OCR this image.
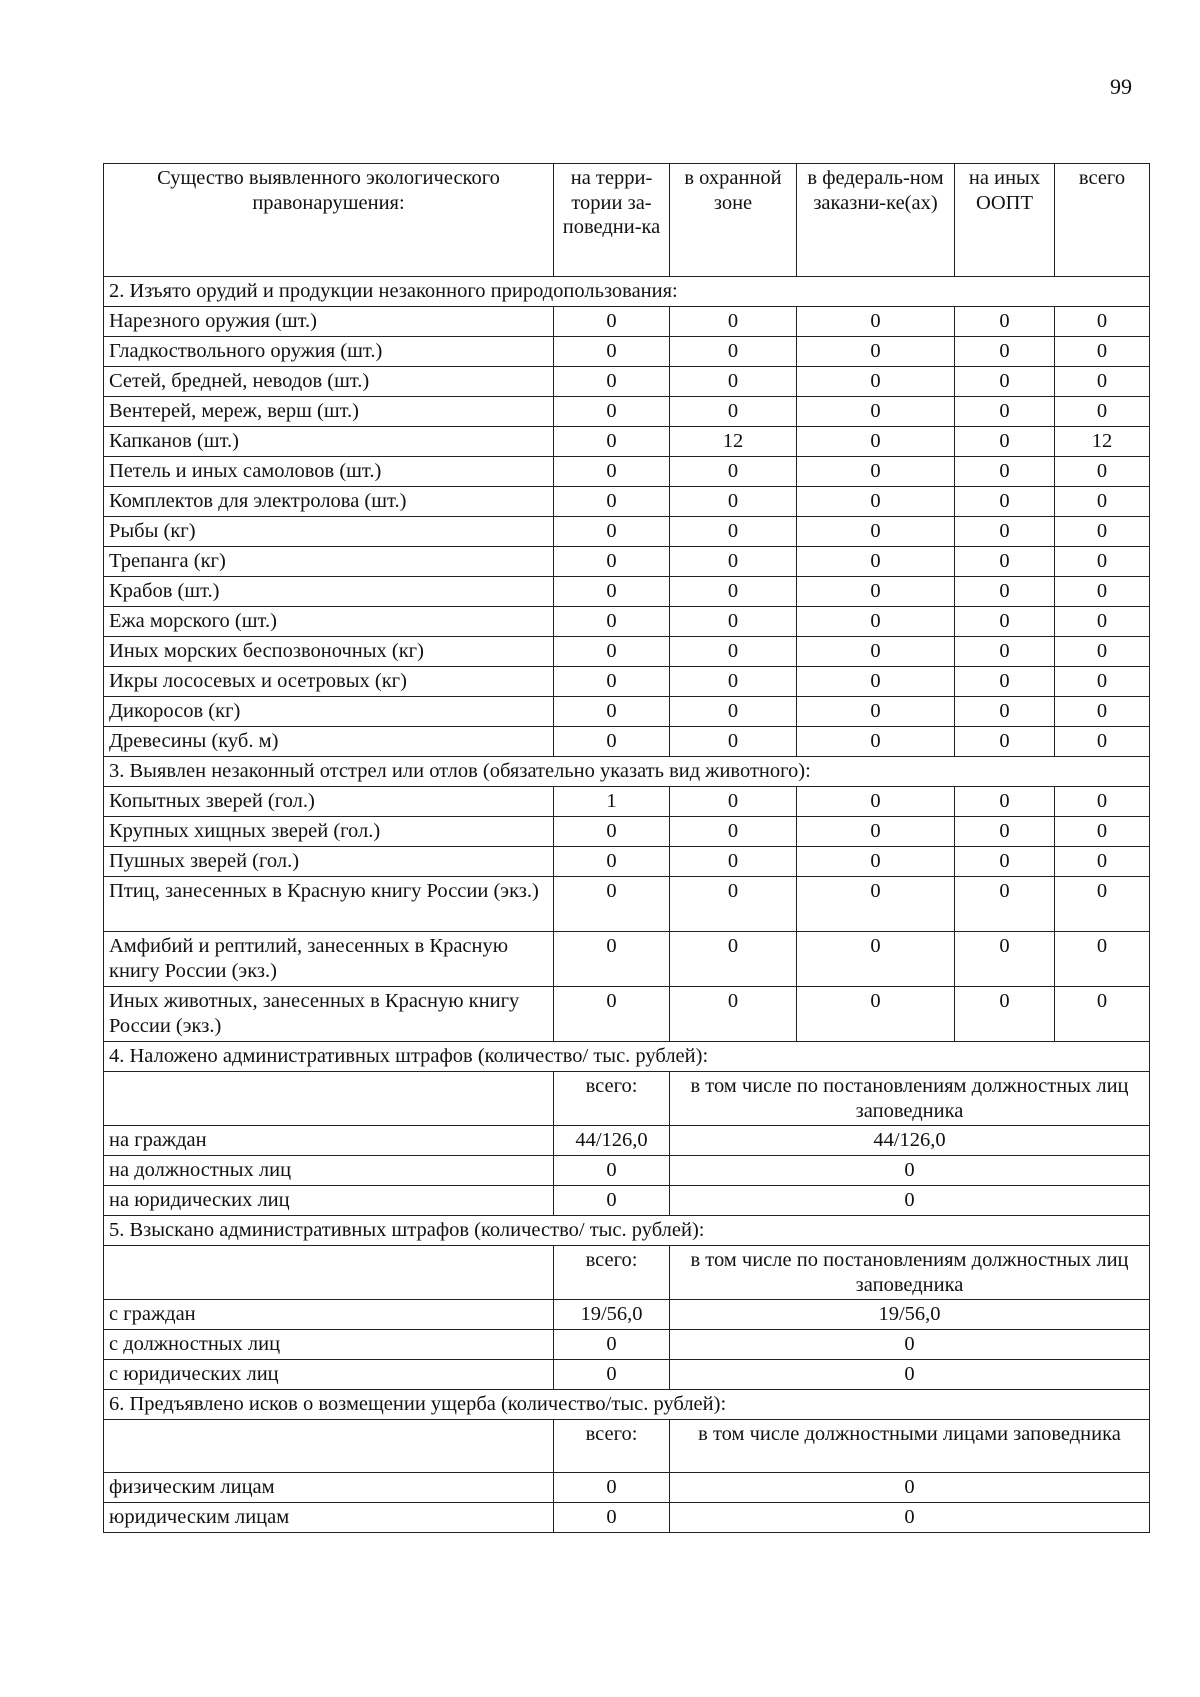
99
Существо выявленного экологического правонарушения:	на терри-тории за-поведни-ка	в охранной зоне	в федераль-ном заказни-ке(ах)	на иных ООПТ	всего
2. Изъято орудий и продукции незаконного природопользования:					
Нарезного оружия (шт.)	0	0	0	0	0
Гладкоствольного оружия (шт.)	0	0	0	0	0
Сетей, бредней, неводов (шт.)	0	0	0	0	0
Вентерей, мереж, верш (шт.)	0	0	0	0	0
Капканов (шт.)	0	12	0	0	12
Петель и иных самоловов (шт.)	0	0	0	0	0
Комплектов для электролова (шт.)	0	0	0	0	0
Рыбы (кг)	0	0	0	0	0
Трепанга (кг)	0	0	0	0	0
Крабов (шт.)	0	0	0	0	0
Ежа морского (шт.)	0	0	0	0	0
Иных морских беспозвоночных (кг)	0	0	0	0	0
Икры лососевых и осетровых (кг)	0	0	0	0	0
Дикоросов (кг)	0	0	0	0	0
Древесины (куб. м)	0	0	0	0	0
3. Выявлен незаконный отстрел или отлов (обязательно указать вид животного):					
Копытных зверей (гол.)	1	0	0	0	0
Крупных хищных зверей (гол.)	0	0	0	0	0
Пушных зверей (гол.)	0	0	0	0	0
Птиц, занесенных в Красную книгу России (экз.)	0	0	0	0	0
Амфибий и рептилий, занесенных в Красную книгу России (экз.)	0	0	0	0	0
Иных животных, занесенных в Красную книгу России (экз.)	0	0	0	0	0
4. Наложено административных штрафов (количество/ тыс. рублей):					
	всего:	в том числе по постановлениям должностных лиц заповедника			
на граждан	44/126,0	44/126,0			
на должностных лиц	0	0			
на юридических лиц	0	0			
5. Взыскано административных штрафов (количество/ тыс. рублей):					
	всего:	в том числе по постановлениям должностных лиц заповедника			
с граждан	19/56,0	19/56,0			
с должностных лиц	0	0			
с юридических лиц	0	0			
6. Предъявлено исков о возмещении ущерба (количество/тыс. рублей):					
	всего:	в том числе должностными лицами заповедника			
физическим лицам	0	0			
юридическим лицам	0	0			
